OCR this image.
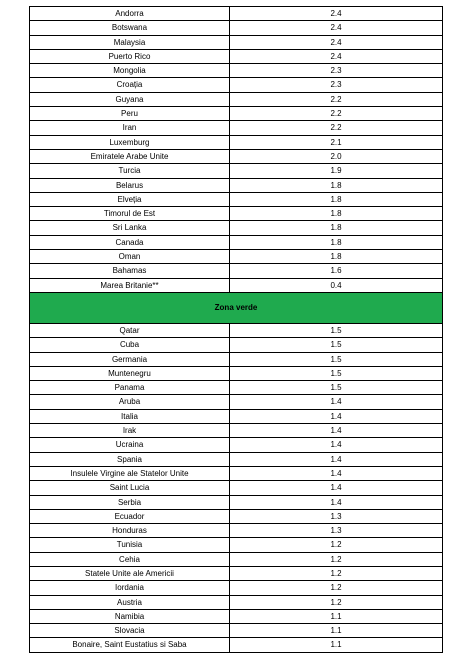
Andorra	2.4
Botswana	2.4
Malaysia	2.4
Puerto Rico	2.4
Mongolia	2.3
Croația	2.3
Guyana	2.2
Peru	2.2
Iran	2.2
Luxemburg	2.1
Emiratele Arabe Unite	2.0
Turcia	1.9
Belarus	1.8
Elveția	1.8
Timorul de Est	1.8
Sri Lanka	1.8
Canada	1.8
Oman	1.8
Bahamas	1.6
Marea Britanie**	0.4
Zona verde	
Qatar	1.5
Cuba	1.5
Germania	1.5
Muntenegru	1.5
Panama	1.5
Aruba	1.4
Italia	1.4
Irak	1.4
Ucraina	1.4
Spania	1.4
Insulele Virgine ale Statelor Unite	1.4
Saint Lucia	1.4
Serbia	1.4
Ecuador	1.3
Honduras	1.3
Tunisia	1.2
Cehia	1.2
Statele Unite ale Americii	1.2
Iordania	1.2
Austria	1.2
Namibia	1.1
Slovacia	1.1
Bonaire, Saint Eustatius si Saba	1.1
